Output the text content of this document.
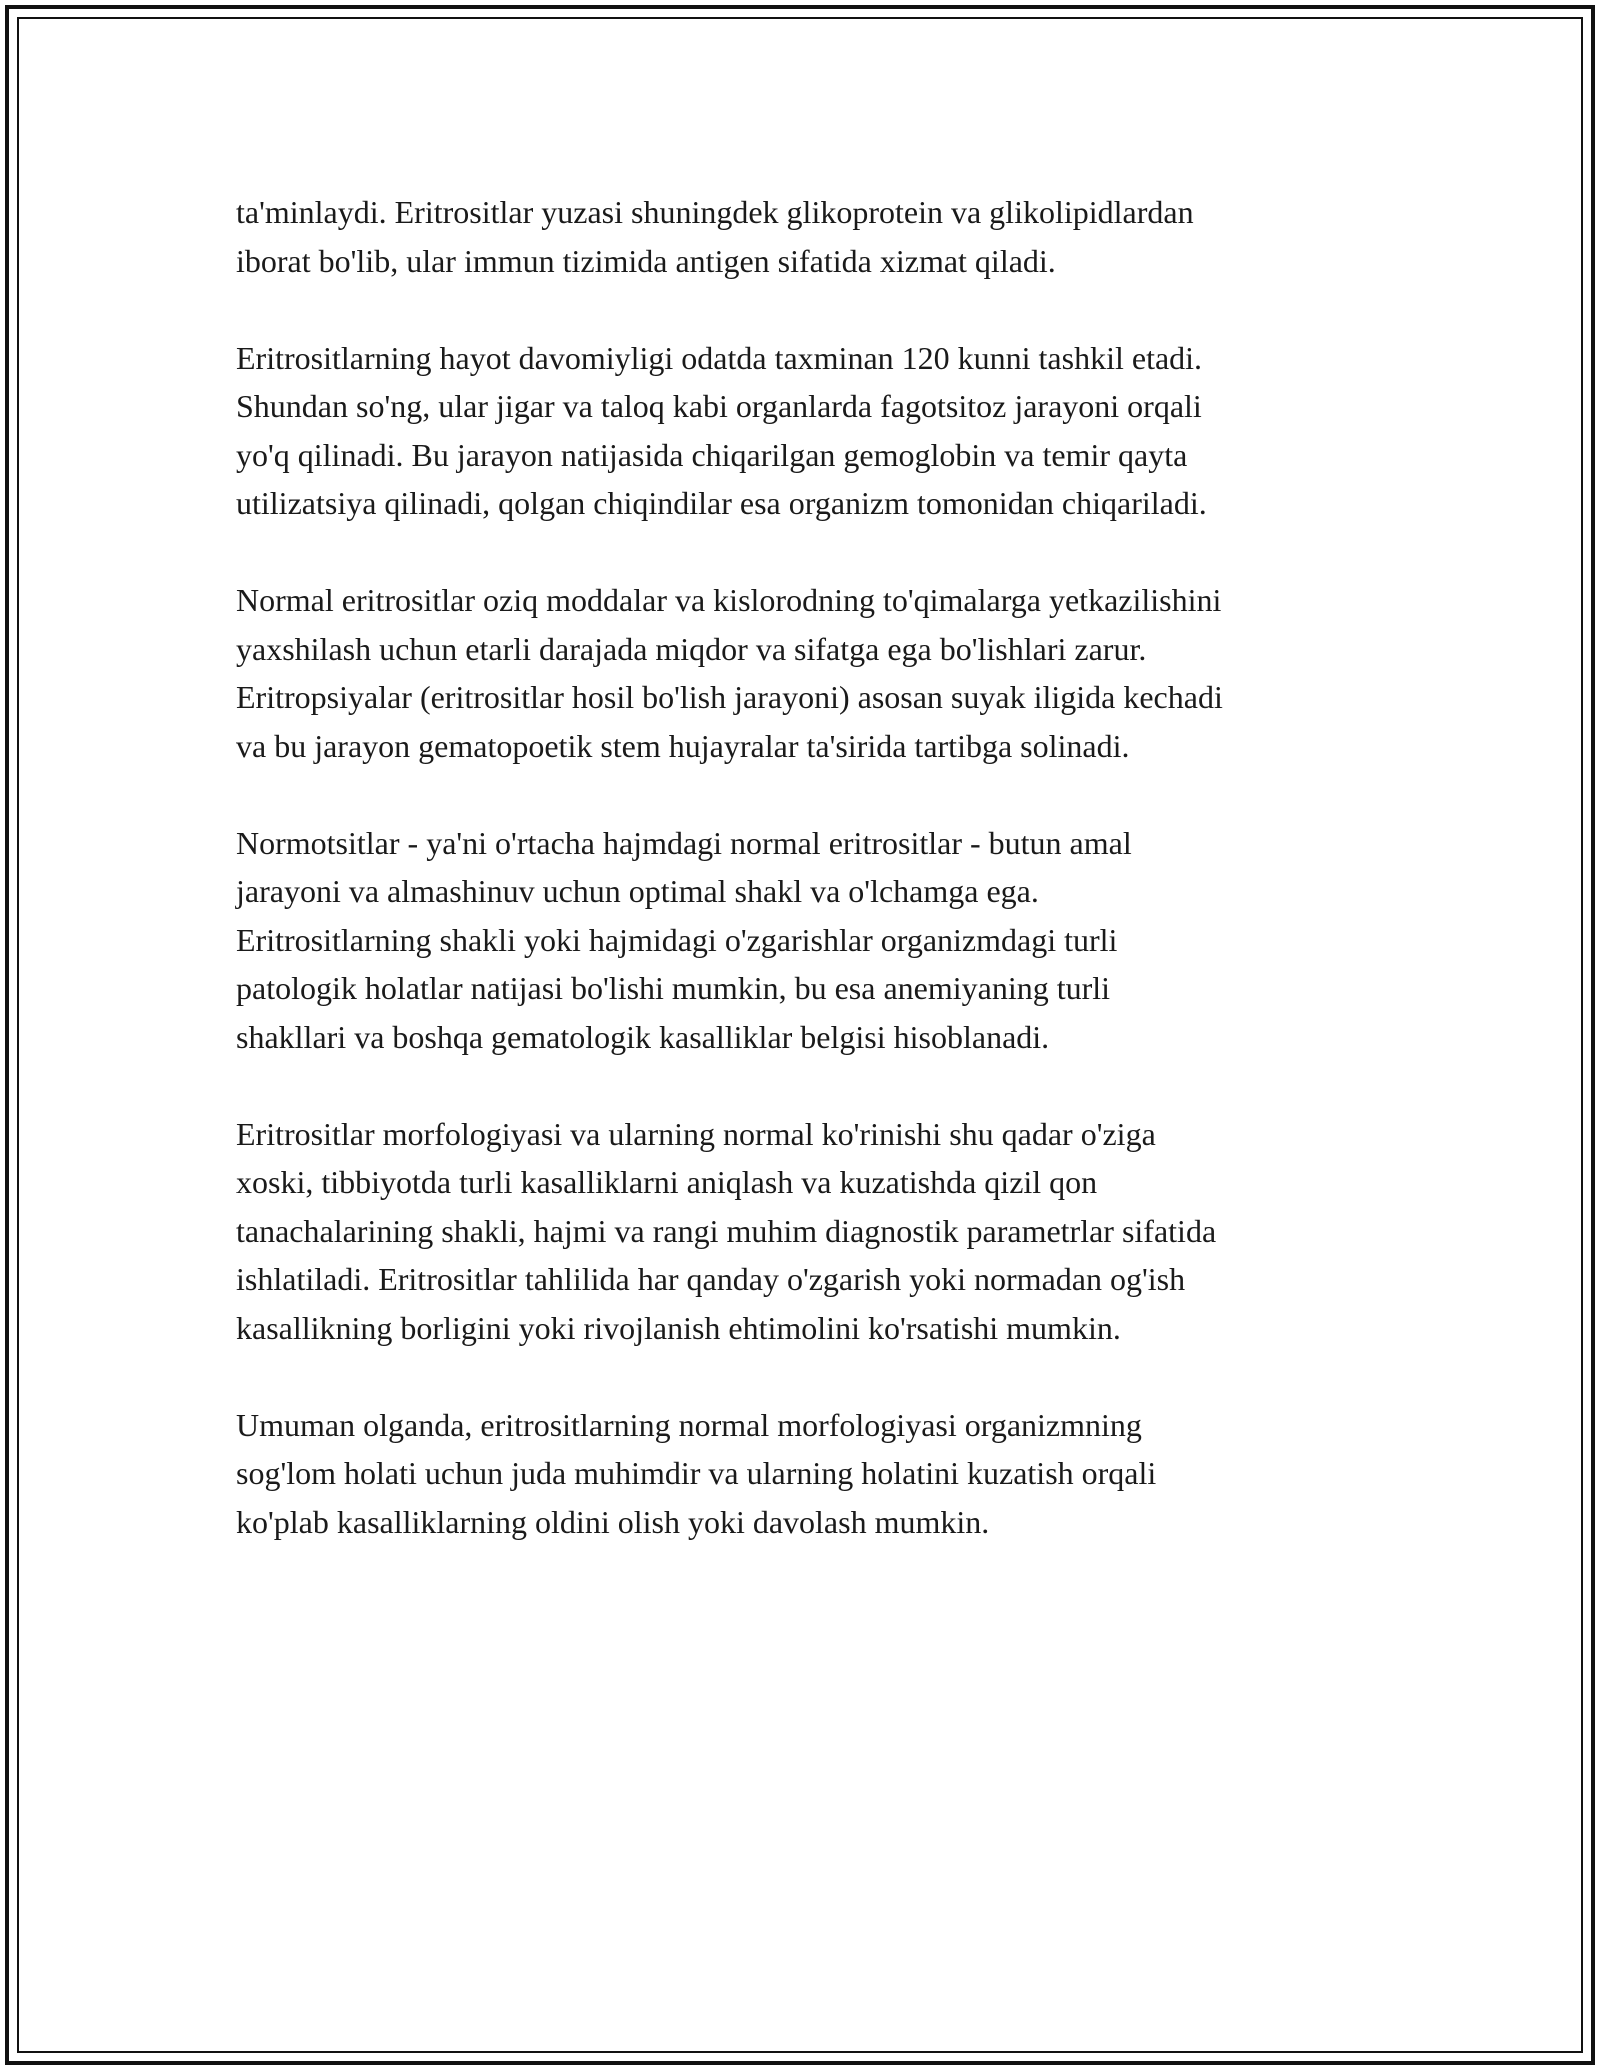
ta'minlaydi. Eritrositlar yuzasi shuningdek glikoprotein va glikolipidlardan
iborat bo'lib, ular immun tizimida antigen sifatida xizmat qiladi.

Eritrositlarning hayot davomiyligi odatda taxminan 120 kunni tashkil etadi.
Shundan so'ng, ular jigar va taloq kabi organlarda fagotsitoz jarayoni orqali
yo'q qilinadi. Bu jarayon natijasida chiqarilgan gemoglobin va temir qayta
utilizatsiya qilinadi, qolgan chiqindilar esa organizm tomonidan chiqariladi.

Normal eritrositlar oziq moddalar va kislorodning to'qimalarga yetkazilishini
yaxshilash uchun etarli darajada miqdor va sifatga ega bo'lishlari zarur.
Eritropsiyalar (eritrositlar hosil bo'lish jarayoni) asosan suyak iligida kechadi
va bu jarayon gematopoetik stem hujayralar ta'sirida tartibga solinadi.

Normotsitlar - ya'ni o'rtacha hajmdagi normal eritrositlar - butun amal
jarayoni va almashinuv uchun optimal shakl va o'lchamga ega.
Eritrositlarning shakli yoki hajmidagi o'zgarishlar organizmdagi turli
patologik holatlar natijasi bo'lishi mumkin, bu esa anemiyaning turli
shakllari va boshqa gematologik kasalliklar belgisi hisoblanadi.

Eritrositlar morfologiyasi va ularning normal ko'rinishi shu qadar o'ziga
xoski, tibbiyotda turli kasalliklarni aniqlash va kuzatishda qizil qon
tanachalarining shakli, hajmi va rangi muhim diagnostik parametrlar sifatida
ishlatiladi. Eritrositlar tahlilida har qanday o'zgarish yoki normadan og'ish
kasallikning borligini yoki rivojlanish ehtimolini ko'rsatishi mumkin.

Umuman olganda, eritrositlarning normal morfologiyasi organizmning
sog'lom holati uchun juda muhimdir va ularning holatini kuzatish orqali
ko'plab kasalliklarning oldini olish yoki davolash mumkin.
